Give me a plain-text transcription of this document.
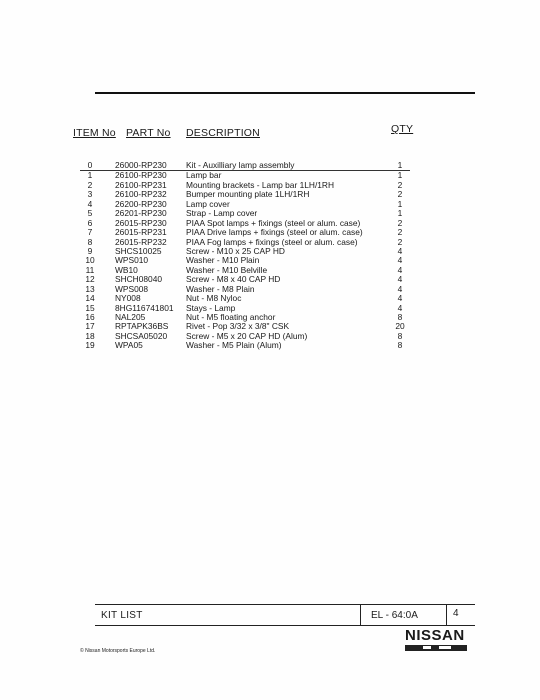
ITEM No PART No DESCRIPTION	QTY
0	26000-RP230 Kit - Auxilliary lamp assembly	1
1	26100-RP230 Lamp bar	1
2	26100-RP231 Mounting brackets - Lamp bar 1LH/1RH	2
3	26100-RP232 Bumper mounting plate 1LH/1RH	2
4	26200-RP230 Lamp cover	1
5	26201-RP230 Strap - Lamp cover	1
6	26015-RP230 PIAA Spot lamps + fixings (steel or alum. case)	2
7	26015-RP231 PIAA Drive lamps + fixings (steel or alum. case)	2
8	26015-RP232 PIAA Fog lamps + fixings (steel or alum. case)	2
9	SHCS10025	Screw - M10 x 25 CAP HD	4
10	WPS010	Washer - M10 Plain	4
11	WB10	Washer - M10 Belville	4
12	SHCH08040	Screw - M8 x 40 CAP HD	4
13	WPS008	Washer - M8 Plain	4
14	NY008	Nut - M8 Nyloc	4
15	8HG116741801 Stays - Lamp	4
16	NAL205	Nut - M5 floating anchor	8
17	RPTAPK36BS Rivet - Pop 3/32 x 3/8" CSK	20
18	SHCSA05020 Screw - M5 x 20 CAP HD (Alum)	8
19	WPA05	Washer - M5 Plain (Alum)	8
KIT LIST	EL - 64:0A	4
NISSAN
© Nissan Motorsports Europe Ltd.
